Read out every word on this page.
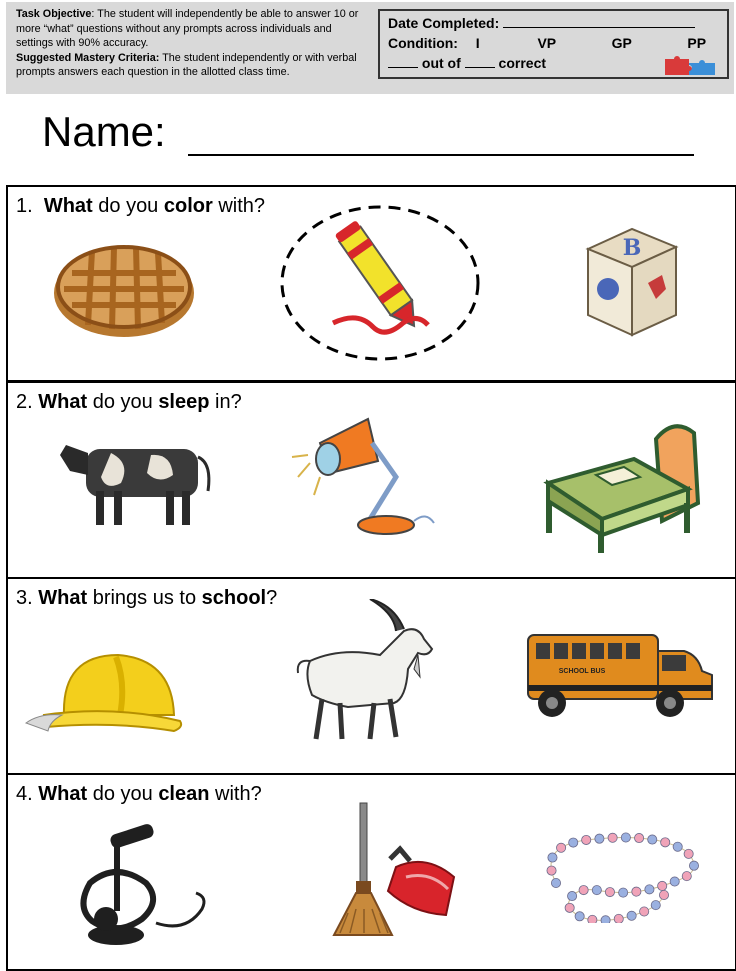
Task Objective: The student will independently be able to answer 10 or more “what” questions without any prompts across individuals and settings with 90% accuracy.
Suggested Mastery Criteria: The student independently or with verbal prompts answers each question in the allotted class time.
Date Completed:
Condition: I	VP	GP	PP
out of	correct
Name:
1. What do you color with?
B
2. What do you sleep in?
3. What brings us to school?
SCHOOL BUS
4. What do you clean with?
